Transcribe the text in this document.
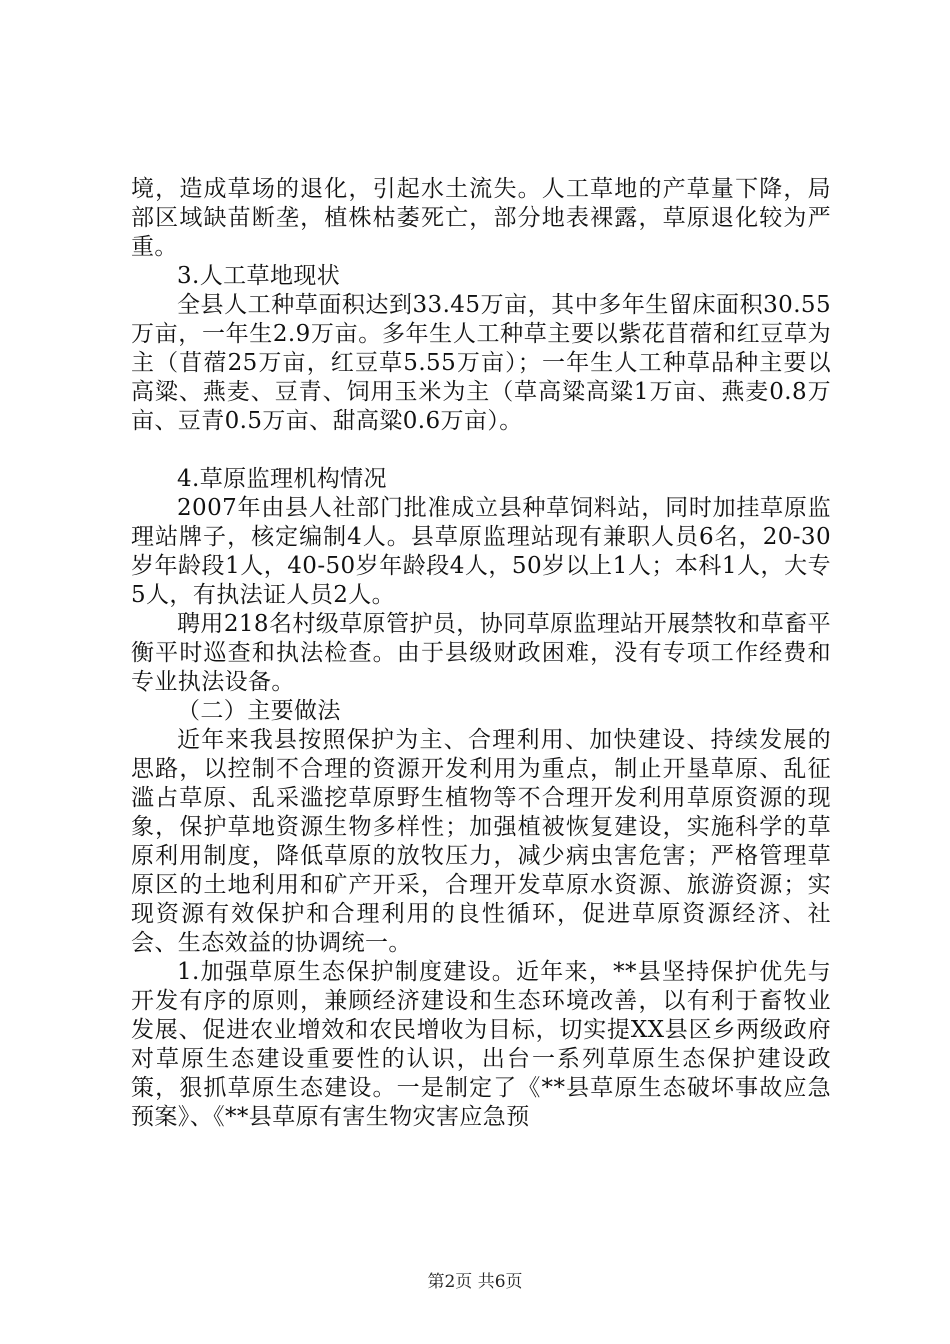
境，造成草场的退化，引起水土流失。人工草地的产草量下降，局部区域缺苗断垄，植株枯萎死亡，部分地表裸露，草原退化较为严重。

3.人工草地现状

全县人工种草面积达到33.45万亩，其中多年生留床面积30.55万亩，一年生2.9万亩。多年生人工种草主要以紫花苜蓿和红豆草为主（苜蓿25万亩，红豆草5.55万亩）；一年生人工种草品种主要以高粱、燕麦、豆青、饲用玉米为主（草高粱高粱1万亩、燕麦0.8万亩、豆青0.5万亩、甜高粱0.6万亩）。

4.草原监理机构情况

2007年由县人社部门批准成立县种草饲料站，同时加挂草原监理站牌子，核定编制4人。县草原监理站现有兼职人员6名，20-30岁年龄段1人，40-50岁年龄段4人，50岁以上1人；本科1人，大专5人，有执法证人员2人。

聘用218名村级草原管护员，协同草原监理站开展禁牧和草畜平衡平时巡查和执法检查。由于县级财政困难，没有专项工作经费和专业执法设备。

（二）主要做法

近年来我县按照保护为主、合理利用、加快建设、持续发展的思路，以控制不合理的资源开发利用为重点，制止开垦草原、乱征滥占草原、乱采滥挖草原野生植物等不合理开发利用草原资源的现象，保护草地资源生物多样性；加强植被恢复建设，实施科学的草原利用制度，降低草原的放牧压力，减少病虫害危害；严格管理草原区的土地利用和矿产开采，合理开发草原水资源、旅游资源；实现资源有效保护和合理利用的良性循环，促进草原资源经济、社会、生态效益的协调统一。

1.加强草原生态保护制度建设。近年来，**县坚持保护优先与开发有序的原则，兼顾经济建设和生态环境改善，以有利于畜牧业发展、促进农业增效和农民增收为目标，切实提XX县区乡两级政府对草原生态建设重要性的认识，出台一系列草原生态保护建设政策，狠抓草原生态建设。一是制定了《**县草原生态破坏事故应急预案》、《**县草原有害生物灾害应急预

第2页 共6页
